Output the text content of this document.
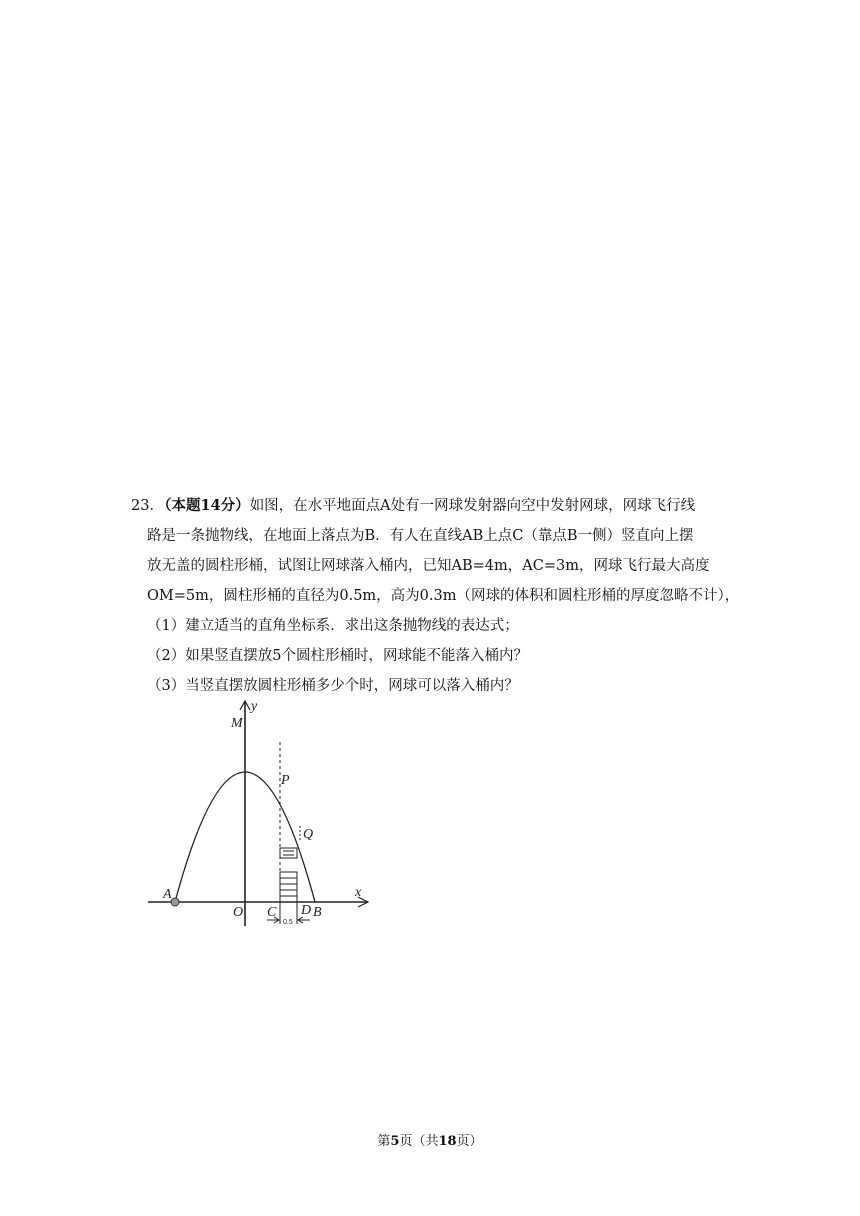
23．（本题14分）如图，在水平地面点A处有一网球发射器向空中发射网球，网球飞行线
路是一条抛物线，在地面上落点为B．有人在直线AB上点C（靠点B一侧）竖直向上摆
放无盖的圆柱形桶，试图让网球落入桶内，已知AB=4m，AC=3m，网球飞行最大高度
OM=5m，圆柱形桶的直径为0.5m，高为0.3m（网球的体积和圆柱形桶的厚度忽略不计），
（1）建立适当的直角坐标系．求出这条抛物线的表达式；
（2）如果竖直摆放5个圆柱形桶时，网球能不能落入桶内？
（3）当竖直摆放圆柱形桶多少个时，网球可以落入桶内？
y
M
P
Q
A	x
O C D B
0.5
第5页（共18页）
